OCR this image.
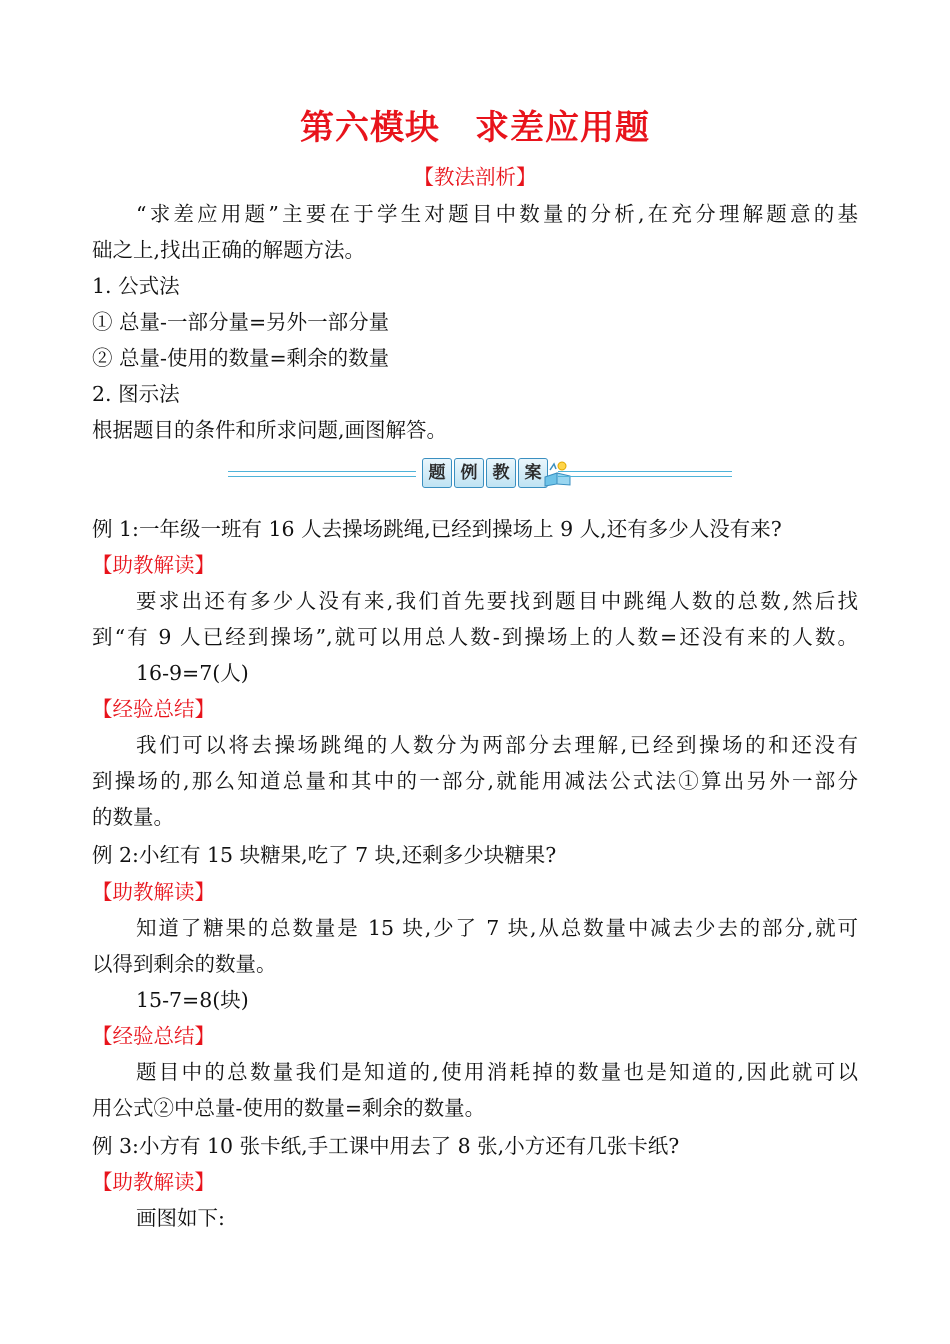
第六模块　求差应用题
【教法剖析】
“求差应用题”主要在于学生对题目中数量的分析,在充分理解题意的基
础之上,找出正确的解题方法。
1. 公式法
① 总量-一部分量=另外一部分量
② 总量-使用的数量=剩余的数量
2. 图示法
根据题目的条件和所求问题,画图解答。
题 例 教 案
例 1:一年级一班有 16 人去操场跳绳,已经到操场上 9 人,还有多少人没有来?
【助教解读】
要求出还有多少人没有来,我们首先要找到题目中跳绳人数的总数,然后找
到“有 9 人已经到操场”,就可以用总人数-到操场上的人数=还没有来的人数。
16-9=7(人)
【经验总结】
我们可以将去操场跳绳的人数分为两部分去理解,已经到操场的和还没有
到操场的,那么知道总量和其中的一部分,就能用减法公式法①算出另外一部分
的数量。
例 2:小红有 15 块糖果,吃了 7 块,还剩多少块糖果?
【助教解读】
知道了糖果的总数量是 15 块,少了 7 块,从总数量中减去少去的部分,就可
以得到剩余的数量。
15-7=8(块)
【经验总结】
题目中的总数量我们是知道的,使用消耗掉的数量也是知道的,因此就可以
用公式②中总量-使用的数量=剩余的数量。
例 3:小方有 10 张卡纸,手工课中用去了 8 张,小方还有几张卡纸?
【助教解读】
画图如下:
